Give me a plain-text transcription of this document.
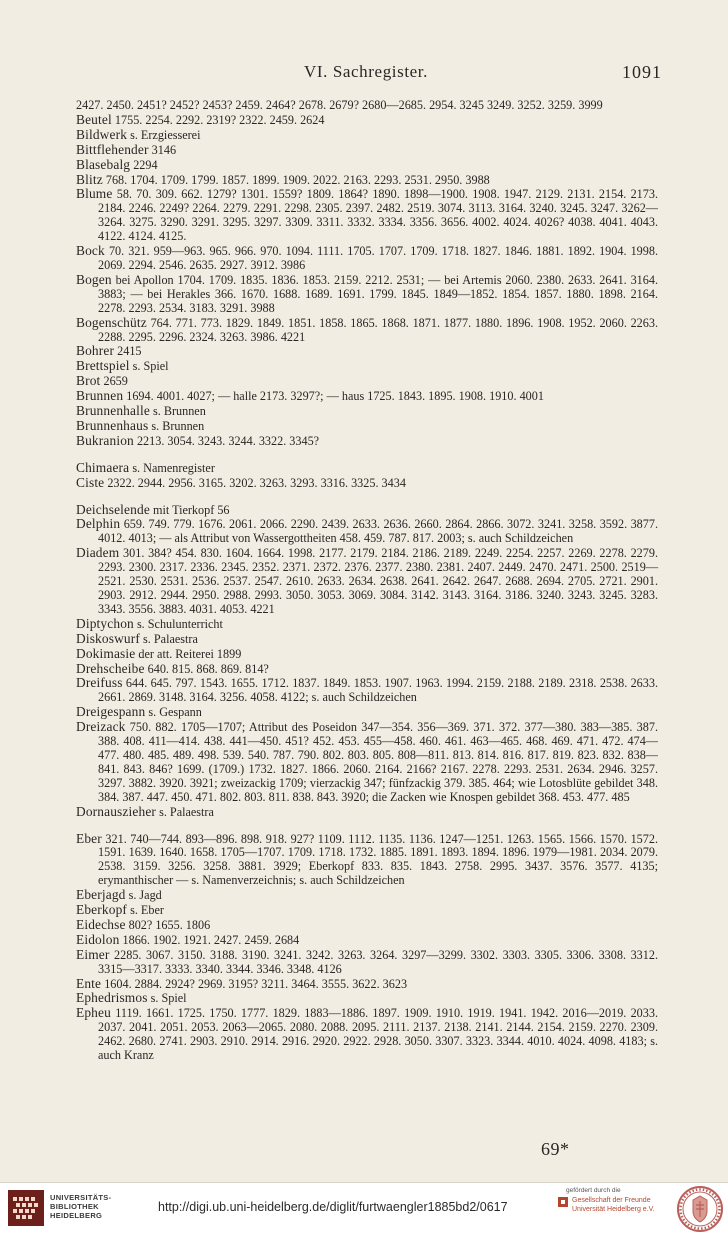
VI. Sachregister.	1091

2427. 2450. 2451? 2452? 2453? 2459. 2464? 2678. 2679? 2680—2685. 2954. 3245 3249. 3252. 3259. 3999

Beutel 1755. 2254. 2292. 2319? 2322. 2459. 2624

Bildwerk s. Erzgiesserei

Bittflehender 3146

Blasebalg 2294

Blitz 768. 1704. 1709. 1799. 1857. 1899. 1909. 2022. 2163. 2293. 2531. 2950. 3988

Blume 58. 70. 309. 662. 1279? 1301. 1559? 1809. 1864? 1890. 1898—1900. 1908. 1947. 2129. 2131. 2154. 2173. 2184. 2246. 2249? 2264. 2279. 2291. 2298. 2305. 2397. 2482. 2519. 3074. 3113. 3164. 3240. 3245. 3247. 3262—3264. 3275. 3290. 3291. 3295. 3297. 3309. 3311. 3332. 3334. 3356. 3656. 4002. 4024. 4026? 4038. 4041. 4043. 4122. 4124. 4125.

Bock 70. 321. 959—963. 965. 966. 970. 1094. 1111. 1705. 1707. 1709. 1718. 1827. 1846. 1881. 1892. 1904. 1998. 2069. 2294. 2546. 2635. 2927. 3912. 3986

Bogen bei Apollon 1704. 1709. 1835. 1836. 1853. 2159. 2212. 2531; — bei Artemis 2060. 2380. 2633. 2641. 3164. 3883; — bei Herakles 366. 1670. 1688. 1689. 1691. 1799. 1845. 1849—1852. 1854. 1857. 1880. 1898. 2164. 2278. 2293. 2534. 3183. 3291. 3988

Bogenschütz 764. 771. 773. 1829. 1849. 1851. 1858. 1865. 1868. 1871. 1877. 1880. 1896. 1908. 1952. 2060. 2263. 2288. 2295. 2296. 2324. 3263. 3986. 4221

Bohrer 2415

Brettspiel s. Spiel

Brot 2659

Brunnen 1694. 4001. 4027; — halle 2173. 3297?; — haus 1725. 1843. 1895. 1908. 1910. 4001

Brunnenhalle s. Brunnen

Brunnenhaus s. Brunnen

Bukranion 2213. 3054. 3243. 3244. 3322. 3345?

Chimaera s. Namenregister

Ciste 2322. 2944. 2956. 3165. 3202. 3263. 3293. 3316. 3325. 3434

Deichselende mit Tierkopf 56

Delphin 659. 749. 779. 1676. 2061. 2066. 2290. 2439. 2633. 2636. 2660. 2864. 2866. 3072. 3241. 3258. 3592. 3877. 4012. 4013; — als Attribut von Wassergottheiten 458. 459. 787. 817. 2003; s. auch Schildzeichen

Diadem 301. 384? 454. 830. 1604. 1664. 1998. 2177. 2179. 2184. 2186. 2189. 2249. 2254. 2257. 2269. 2278. 2279. 2293. 2300. 2317. 2336. 2345. 2352. 2371. 2372. 2376. 2377. 2380. 2381. 2407. 2449. 2470. 2471. 2500. 2519—2521. 2530. 2531. 2536. 2537. 2547. 2610. 2633. 2634. 2638. 2641. 2642. 2647. 2688. 2694. 2705. 2721. 2901. 2903. 2912. 2944. 2950. 2988. 2993. 3050. 3053. 3069. 3084. 3142. 3143. 3164. 3186. 3240. 3243. 3245. 3283. 3343. 3556. 3883. 4031. 4053. 4221

Diptychon s. Schulunterricht

Diskoswurf s. Palaestra

Dokimasie der att. Reiterei 1899

Drehscheibe 640. 815. 868. 869. 814?

Dreifuss 644. 645. 797. 1543. 1655. 1712. 1837. 1849. 1853. 1907. 1963. 1994. 2159. 2188. 2189. 2318. 2538. 2633. 2661. 2869. 3148. 3164. 3256. 4058. 4122; s. auch Schildzeichen

Dreigespann s. Gespann

Dreizack 750. 882. 1705—1707; Attribut des Poseidon 347—354. 356—369. 371. 372. 377—380. 383—385. 387. 388. 408. 411—414. 438. 441—450. 451? 452. 453. 455—458. 460. 461. 463—465. 468. 469. 471. 472. 474—477. 480. 485. 489. 498. 539. 540. 787. 790. 802. 803. 805. 808—811. 813. 814. 816. 817. 819. 823. 832. 838—841. 843. 846? 1699. (1709.) 1732. 1827. 1866. 2060. 2164. 2166? 2167. 2278. 2293. 2531. 2634. 2946. 3257. 3297. 3882. 3920. 3921; zweizackig 1709; vierzackig 347; fünfzackig 379. 385. 464; wie Lotosblüte gebildet 348. 384. 387. 447. 450. 471. 802. 803. 811. 838. 843. 3920; die Zacken wie Knospen gebildet 368. 453. 477. 485

Dornauszieher s. Palaestra

Eber 321. 740—744. 893—896. 898. 918. 927? 1109. 1112. 1135. 1136. 1247—1251. 1263. 1565. 1566. 1570. 1572. 1591. 1639. 1640. 1658. 1705—1707. 1709. 1718. 1732. 1885. 1891. 1893. 1894. 1896. 1979—1981. 2034. 2079. 2538. 3159. 3256. 3258. 3881. 3929; Eberkopf 833. 835. 1843. 2758. 2995. 3437. 3576. 3577. 4135; erymanthischer — s. Namenverzeichnis; s. auch Schildzeichen

Eberjagd s. Jagd

Eberkopf s. Eber

Eidechse 802? 1655. 1806

Eidolon 1866. 1902. 1921. 2427. 2459. 2684

Eimer 2285. 3067. 3150. 3188. 3190. 3241. 3242. 3263. 3264. 3297—3299. 3302. 3303. 3305. 3306. 3308. 3312. 3315—3317. 3333. 3340. 3344. 3346. 3348. 4126

Ente 1604. 2884. 2924? 2969. 3195? 3211. 3464. 3555. 3622. 3623

Ephedrismos s. Spiel

Epheu 1119. 1661. 1725. 1750. 1777. 1829. 1883—1886. 1897. 1909. 1910. 1919. 1941. 1942. 2016—2019. 2033. 2037. 2041. 2051. 2053. 2063—2065. 2080. 2088. 2095. 2111. 2137. 2138. 2141. 2144. 2154. 2159. 2270. 2309. 2462. 2680. 2741. 2903. 2910. 2914. 2916. 2920. 2922. 2928. 3050. 3307. 3323. 3344. 4010. 4024. 4098. 4183; s. auch Kranz

69*
UNIVERSITÄTS-
BIBLIOTHEK
HEIDELBERG
http://digi.ub.uni-heidelberg.de/diglit/furtwaengler1885bd2/0617
gefördert durch die
Gesellschaft der Freunde
Universität Heidelberg e.V.
